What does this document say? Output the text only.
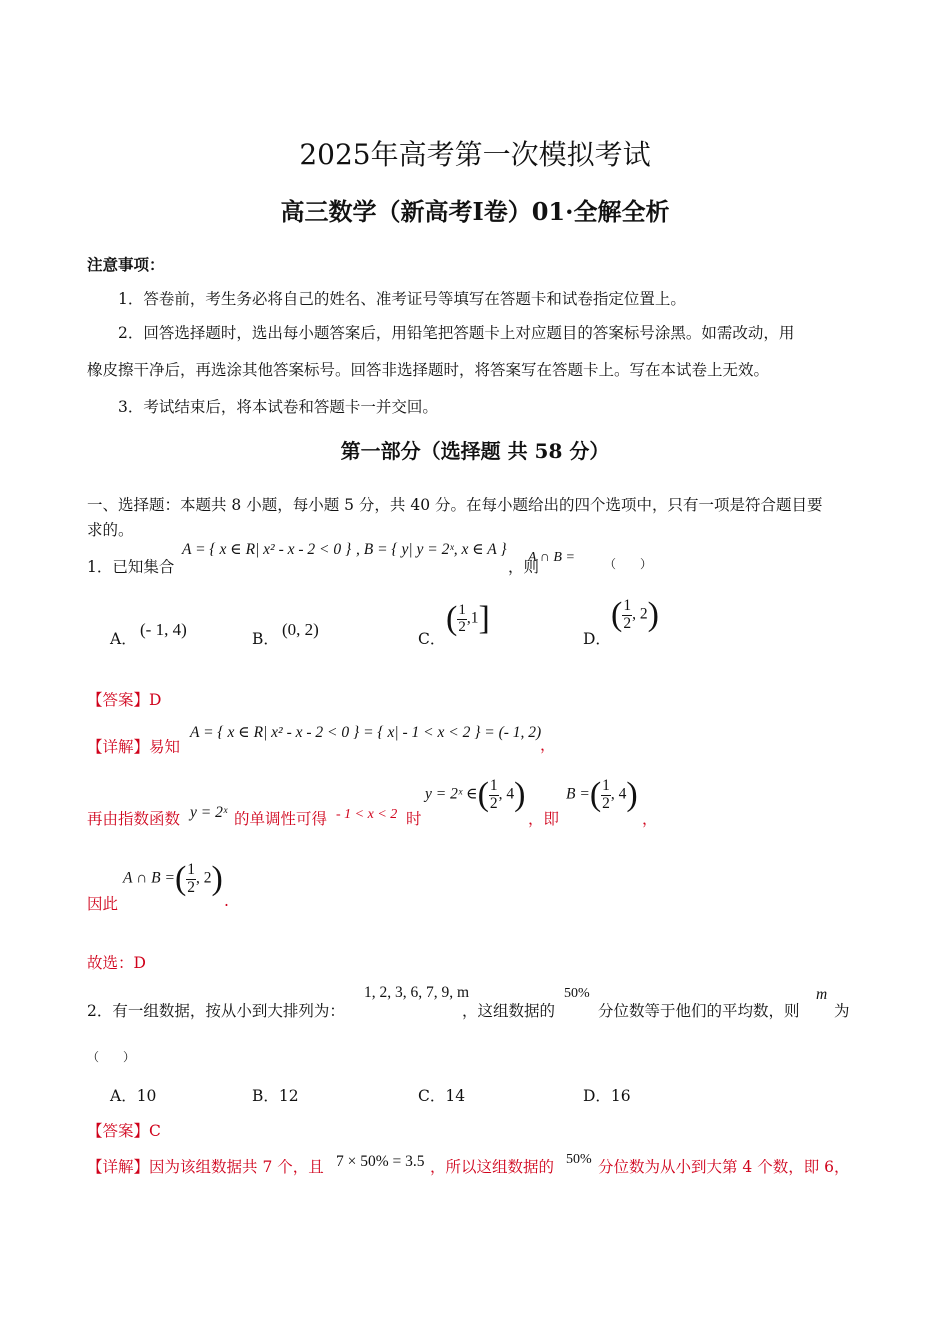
2025年高考第一次模拟考试
高三数学（新高考Ⅰ卷）01·全解全析
注意事项：
1．答卷前，考生务必将自己的姓名、准考证号等填写在答题卡和试卷指定位置上。
2．回答选择题时，选出每小题答案后，用铅笔把答题卡上对应题目的答案标号涂黑。如需改动，用
橡皮擦干净后，再选涂其他答案标号。回答非选择题时，将答案写在答题卡上。写在本试卷上无效。
3．考试结束后，将本试卷和答题卡一并交回。
第一部分（选择题 共 58 分）
一、选择题：本题共 8 小题，每小题 5 分，共 40 分。在每小题给出的四个选项中，只有一项是符合题目要
求的。
1．已知集合
A = { x ∈ R| x² - x - 2 < 0 } , B = { y| y = 2ˣ, x ∈ A }
，则
A ∩ B = （　　）
A． (- 1, 4)	B． (0, 2)	C．
( $\frac{1}{2} ,1$]
D．
( $\frac{1}{2}$ , 2)
【答案】D
【详解】易知
A = { x ∈ R| x² - x - 2 < 0 } = { x| - 1 < x < 2 } = (- 1, 2)
，
再由指数函数 y = 2ˣ 的单调性可得 - 1 < x < 2 时
y = 2ˣ ∈( $\frac{1}{2}$ , 4)
，即
B =( $\frac{1}{2}$ , 4)
，
因此
A ∩ B =( $\frac{1}{2}$ , 2)
.
故选：D
2．有一组数据，按从小到大排列为：
1, 2, 3, 6, 7, 9, m
，这组数据的
50%
分位数等于他们的平均数，则
m
为
（　　）
A．10	B．12	C．14	D．16
【答案】C
【详解】因为该组数据共 7 个，且 7 × 50% = 3.5 ，所以这组数据的 50% 分位数为从小到大第 4 个数，即 6，
